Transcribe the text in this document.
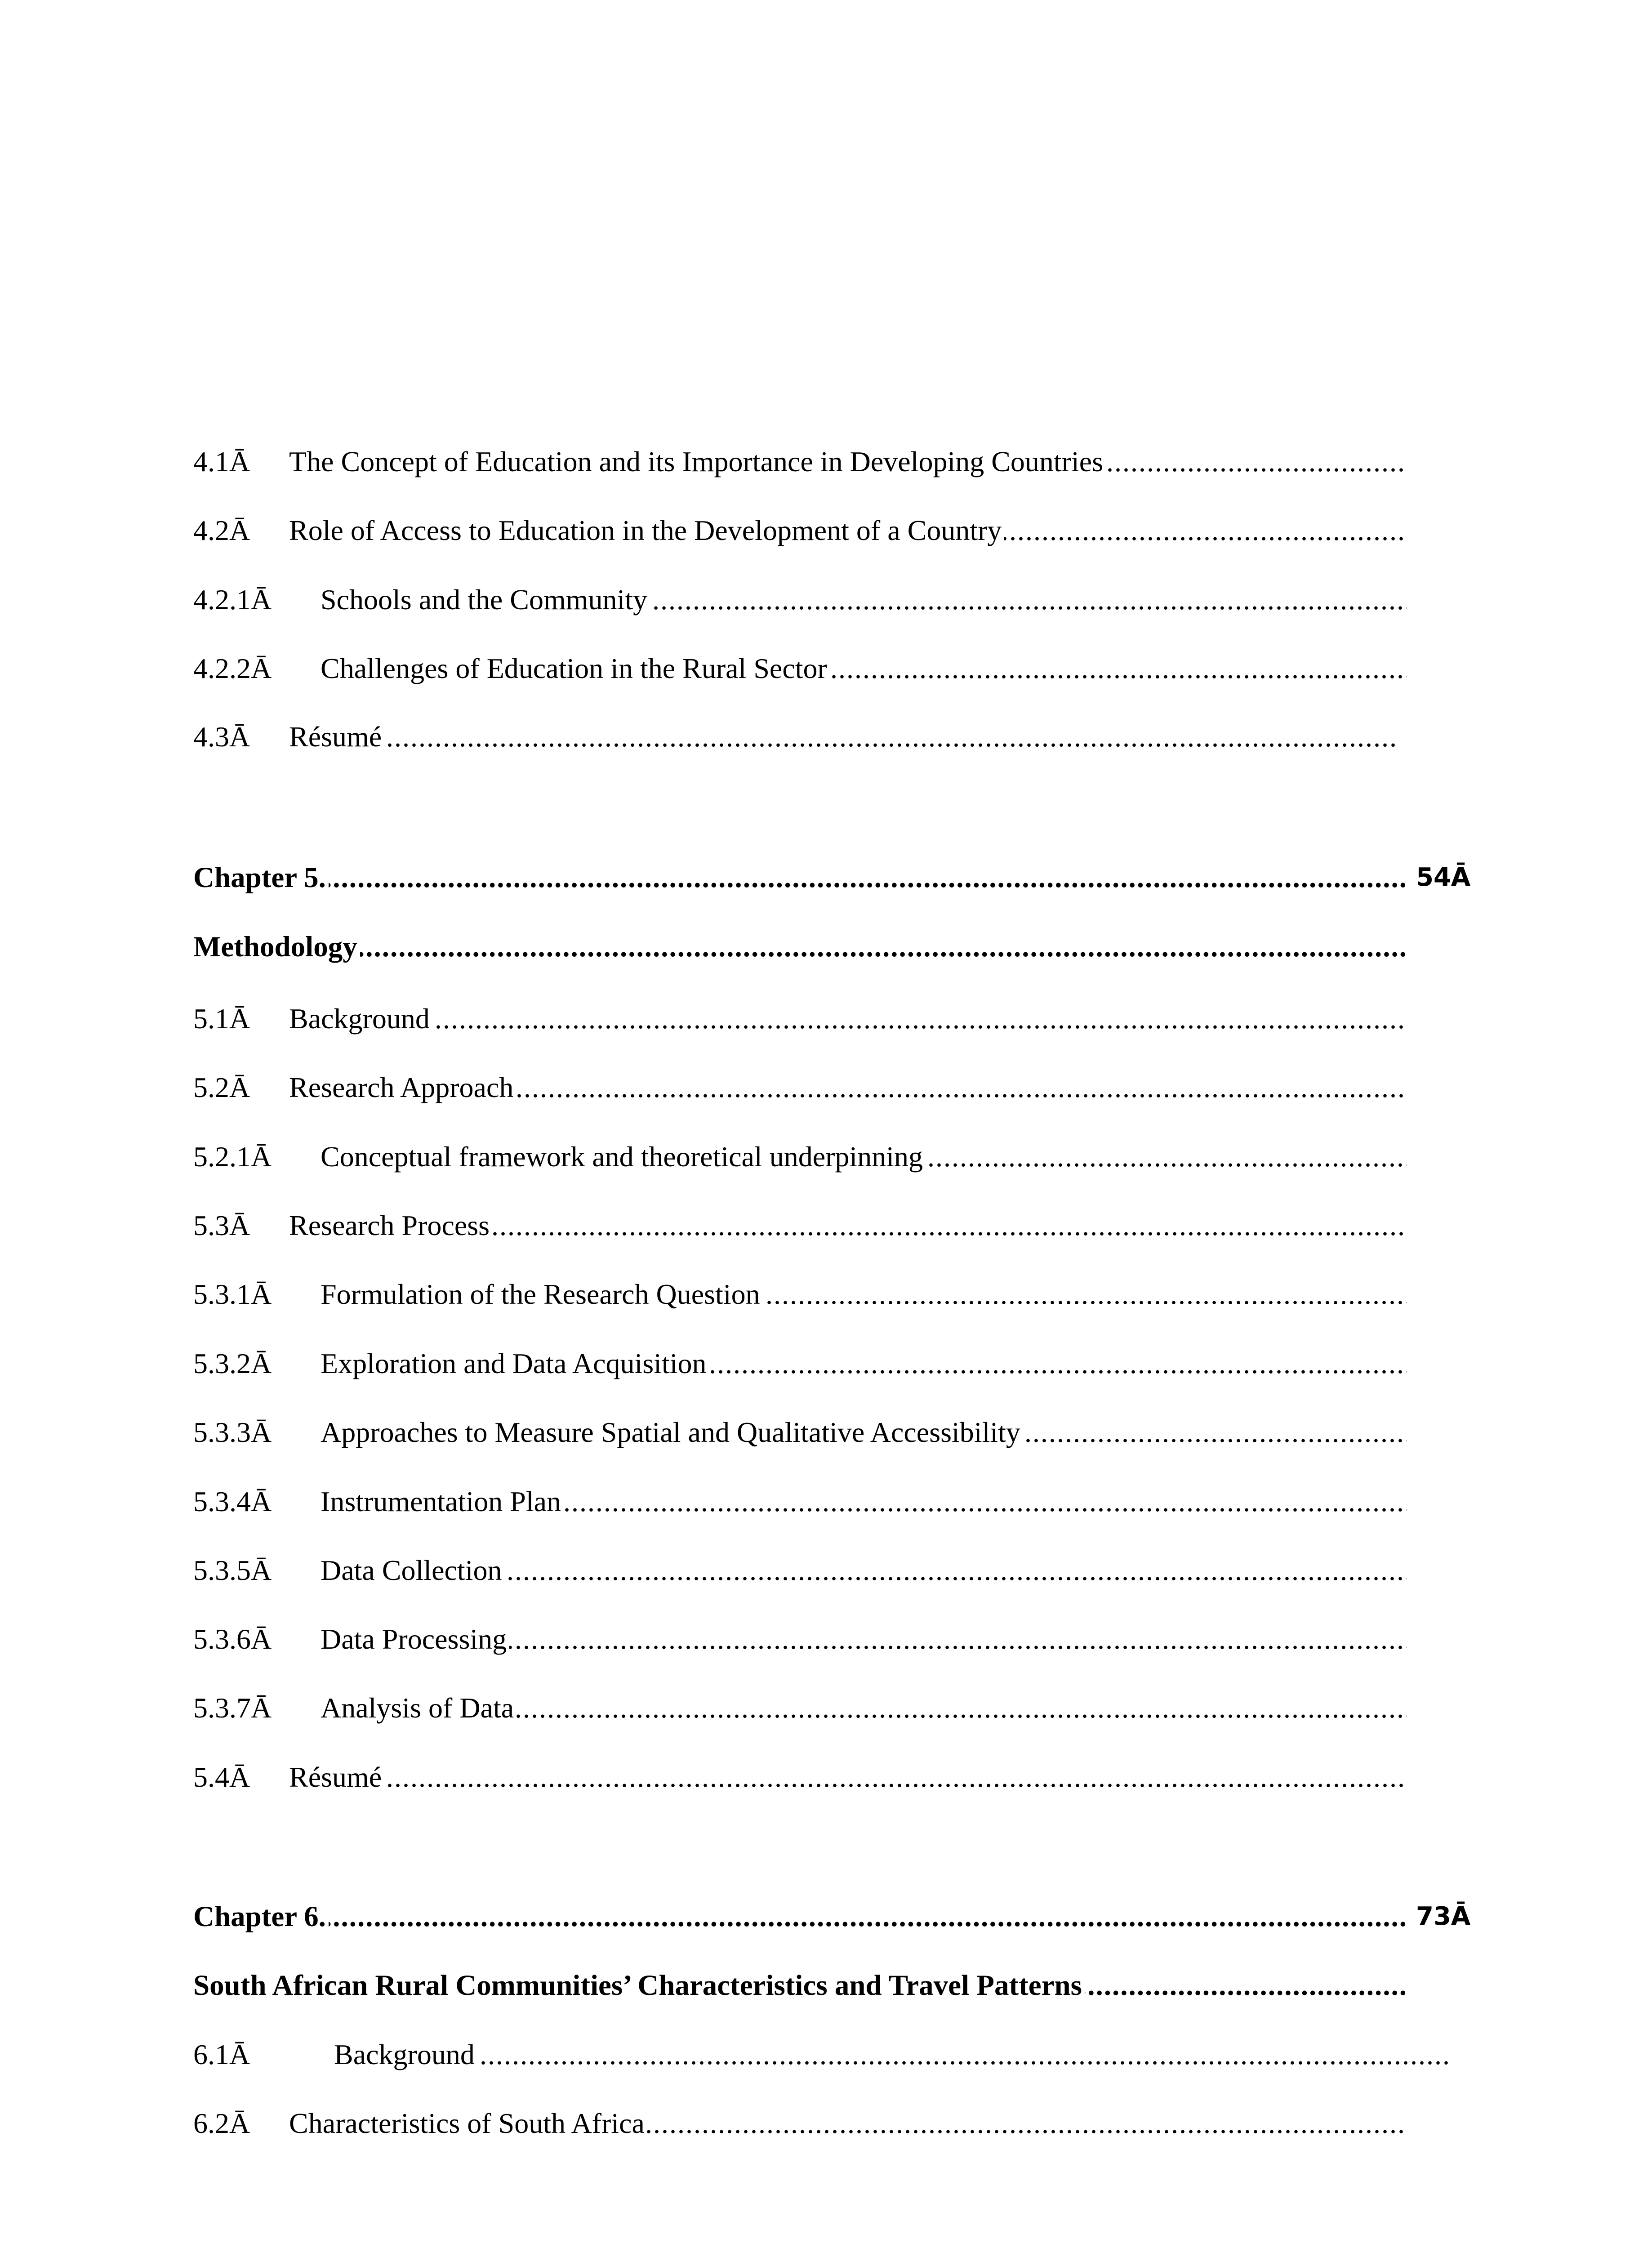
4.1Ā The Concept of Education and its Importance in Developing Countries .....
4.2Ā Role of Access to Education in the Development of a Country .....
4.2.1Ā Schools and the Community .....
4.2.2Ā Challenges of Education in the Rural Sector .....
4.3Ā Résumé .....
Chapter 5. .....	54Ā
Methodology .....
5.1Ā Background .....
5.2Ā Research Approach .....
5.2.1Ā Conceptual framework and theoretical underpinning .....
5.3Ā Research Process .....
5.3.1Ā Formulation of the Research Question .....
5.3.2Ā Exploration and Data Acquisition .....
5.3.3Ā Approaches to Measure Spatial and Qualitative Accessibility .....
5.3.4Ā Instrumentation Plan .....
5.3.5Ā Data Collection .....
5.3.6Ā Data Processing .....
5.3.7Ā Analysis of Data .....
5.4Ā Résumé .....
Chapter 6. .....	73Ā
South African Rural Communities’ Characteristics and Travel Patterns .....
6.1Ā	Background .....
6.2Ā Characteristics of South Africa .....
